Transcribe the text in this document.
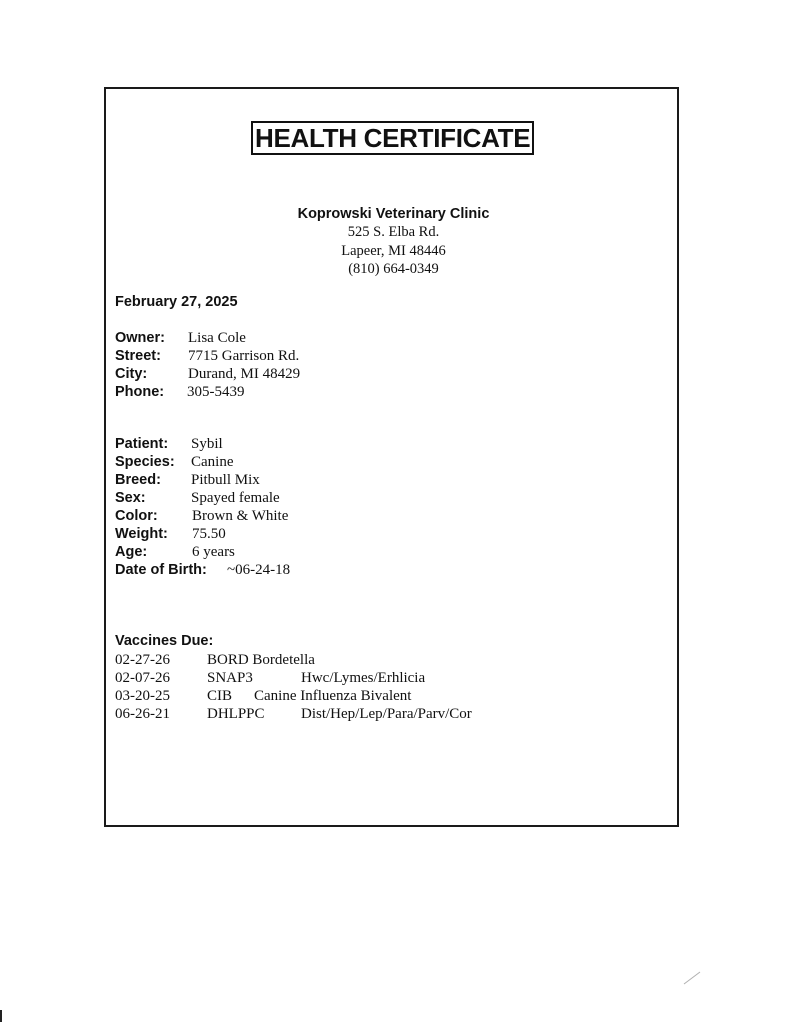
HEALTH CERTIFICATE
Koprowski Veterinary Clinic
525 S. Elba Rd.
Lapeer, MI 48446
(810) 664-0349
February 27, 2025
Owner: Lisa Cole
Street: 7715 Garrison Rd.
City:	Durand, MI 48429
Phone: 305-5439
Patient: Sybil
Species: Canine
Breed: Pitbull Mix
Sex:	Spayed female
Color: Brown & White
Weight: 75.50
Age:	6 years
Date of Birth: ~06-24-18
Vaccines Due:
02-27-26 BORD Bordetella
02-07-26 SNAP3	Hwc/Lymes/Erhlicia
03-20-25 CIB Canine Influenza Bivalent
06-26-21 DHLPPC Dist/Hep/Lep/Para/Parv/Cor
